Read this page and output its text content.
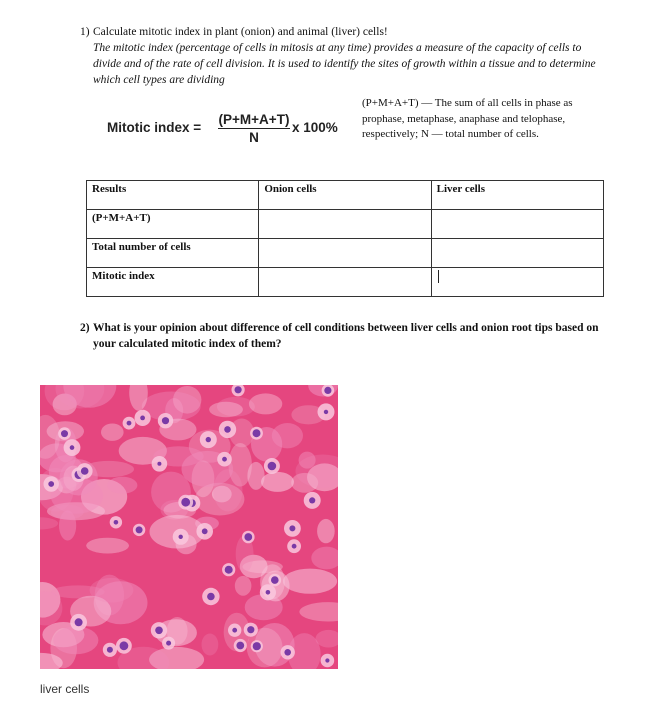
1) Calculate mitotic index in plant (onion) and animal (liver) cells!
The mitotic index (percentage of cells in mitosis at any time) provides a measure of the capacity of cells to divide and of the rate of cell division. It is used to identify the sites of growth within a tissue and to determine which cell types are dividing
Mitotic index = $\frac{(P+M+A+T)}{N}$ x 100%
(P+M+A+T) — The sum of all cells in phase as prophase, metaphase, anaphase and telophase, respectively; N — total number of cells.
Results	Onion cells	Liver cells
(P+M+A+T)		
Total number of cells		
Mitotic index		
2) What is your opinion about difference of cell conditions between liver cells and onion root tips based on your calculated mitotic index of them?
liver cells
